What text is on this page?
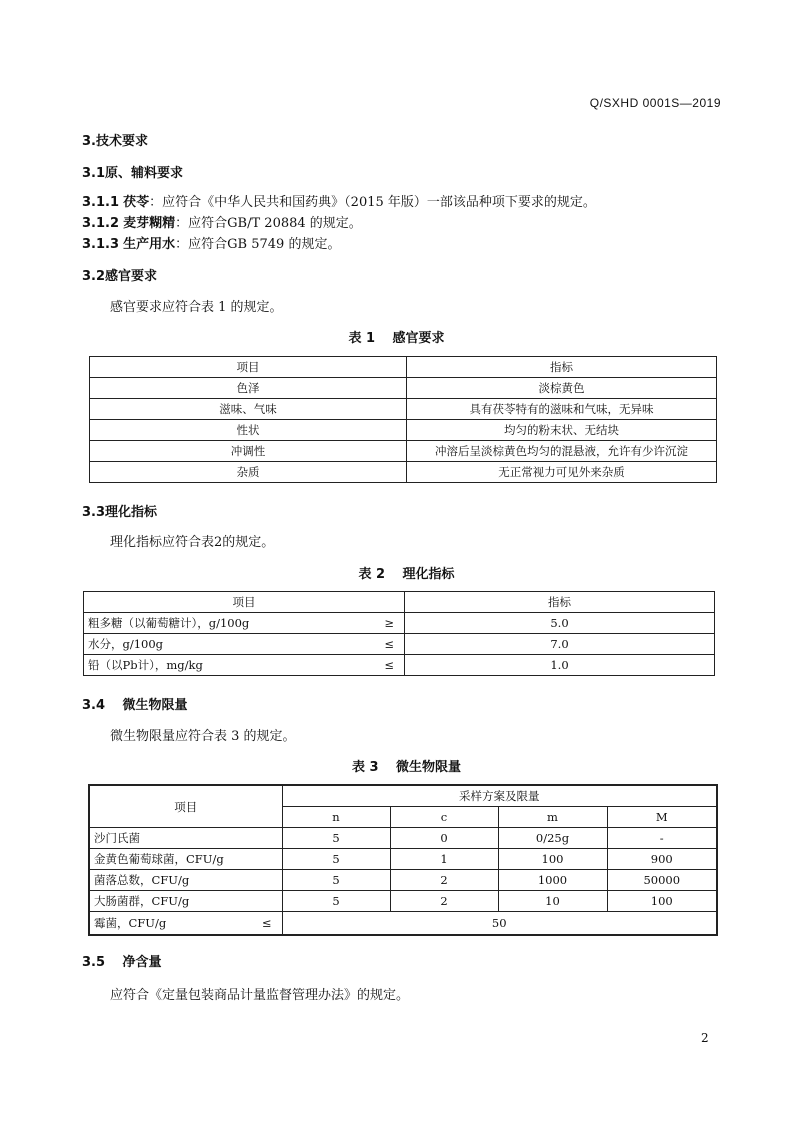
Q/SXHD 0001S—2019
3.技术要求
3.1原、辅料要求
3.1.1 茯苓：应符合《中华人民共和国药典》（2015 年版）一部该品种项下要求的规定。
3.1.2 麦芽糊精：应符合GB/T 20884 的规定。
3.1.3 生产用水：应符合GB 5749 的规定。
3.2感官要求
感官要求应符合表 1 的规定。
表 1　 感官要求
项目	指标
色泽	淡棕黄色
滋味、气味	具有茯苓特有的滋味和气味，无异味
性状	均匀的粉末状、无结块
冲调性	冲溶后呈淡棕黄色均匀的混悬液，允许有少许沉淀
杂质	无正常视力可见外来杂质
3.3理化指标
理化指标应符合表2的规定。
表 2　 理化指标
项目	指标
粗多糖（以葡萄糖计），g/100g ≥	5.0
水分，g/100g ≤	7.0
铅（以Pb计），mg/kg ≤	1.0
3.4　 微生物限量
微生物限量应符合表 3 的规定。
表 3　 微生物限量
项目	采样方案及限量			
	n	c	m	M
沙门氏菌	5	0	0/25g	-
金黄色葡萄球菌，CFU/g	5	1	100	900
菌落总数，CFU/g	5	2	1000	50000
大肠菌群，CFU/g	5	2	10	100
霉菌，CFU/g ≤	50			
3.5　 净含量
应符合《定量包装商品计量监督管理办法》的规定。
2
